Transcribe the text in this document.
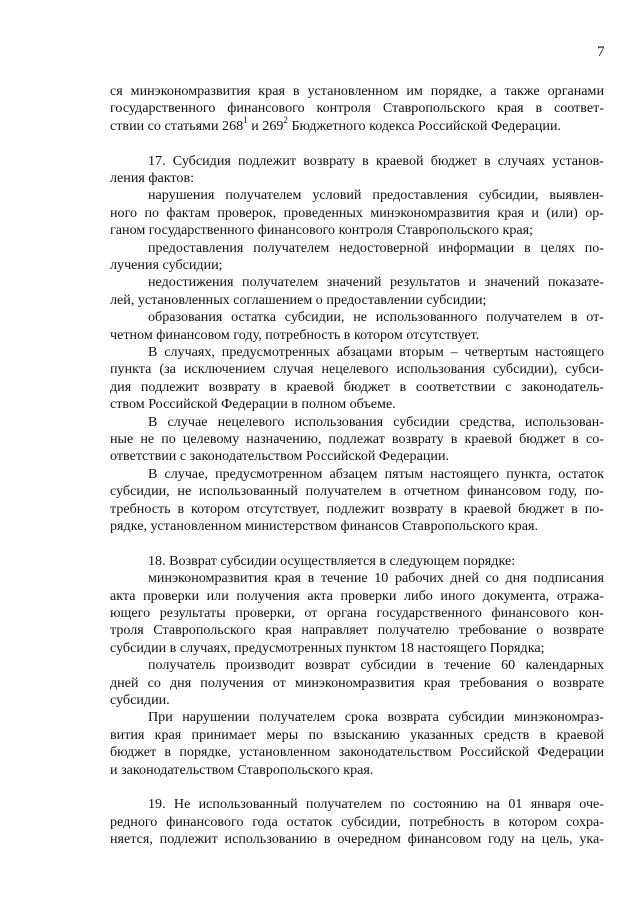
7
ся минэкономразвития края в установленном им порядке, а также органами
государственного финансового контроля Ставропольского края в соответ-
ствии со статьями $268^1$ и $269^2$ Бюджетного кодекса Российской Федерации.
17. Субсидия подлежит возврату в краевой бюджет в случаях установ-
ления фактов:
нарушения получателем условий предоставления субсидии, выявлен-
ного по фактам проверок, проведенных минэкономразвития края и (или) ор-
ганом государственного финансового контроля Ставропольского края;
предоставления получателем недостоверной информации в целях по-
лучения субсидии;
недостижения получателем значений результатов и значений показате-
лей, установленных соглашением о предоставлении субсидии;
образования остатка субсидии, не использованного получателем в от-
четном финансовом году, потребность в котором отсутствует.
В случаях, предусмотренных абзацами вторым – четвертым настоящего
пункта (за исключением случая нецелевого использования субсидии), субси-
дия подлежит возврату в краевой бюджет в соответствии с законодатель-
ством Российской Федерации в полном объеме.
В случае нецелевого использования субсидии средства, использован-
ные не по целевому назначению, подлежат возврату в краевой бюджет в со-
ответствии с законодательством Российской Федерации.
В случае, предусмотренном абзацем пятым настоящего пункта, остаток
субсидии, не использованный получателем в отчетном финансовом году, по-
требность в котором отсутствует, подлежит возврату в краевой бюджет в по-
рядке, установленном министерством финансов Ставропольского края.
18. Возврат субсидии осуществляется в следующем порядке:
минэкономразвития края в течение 10 рабочих дней со дня подписания
акта проверки или получения акта проверки либо иного документа, отража-
ющего результаты проверки, от органа государственного финансового кон-
троля Ставропольского края направляет получателю требование о возврате
субсидии в случаях, предусмотренных пунктом 18 настоящего Порядка;
получатель производит возврат субсидии в течение 60 календарных
дней со дня получения от минэкономразвития края требования о возврате
субсидии.
При нарушении получателем срока возврата субсидии минэкономраз-
вития края принимает меры по взысканию указанных средств в краевой
бюджет в порядке, установленном законодательством Российской Федерации
и законодательством Ставропольского края.
19. Не использованный получателем по состоянию на 01 января оче-
редного финансового года остаток субсидии, потребность в котором сохра-
няется, подлежит использованию в очередном финансовом году на цель, ука-
